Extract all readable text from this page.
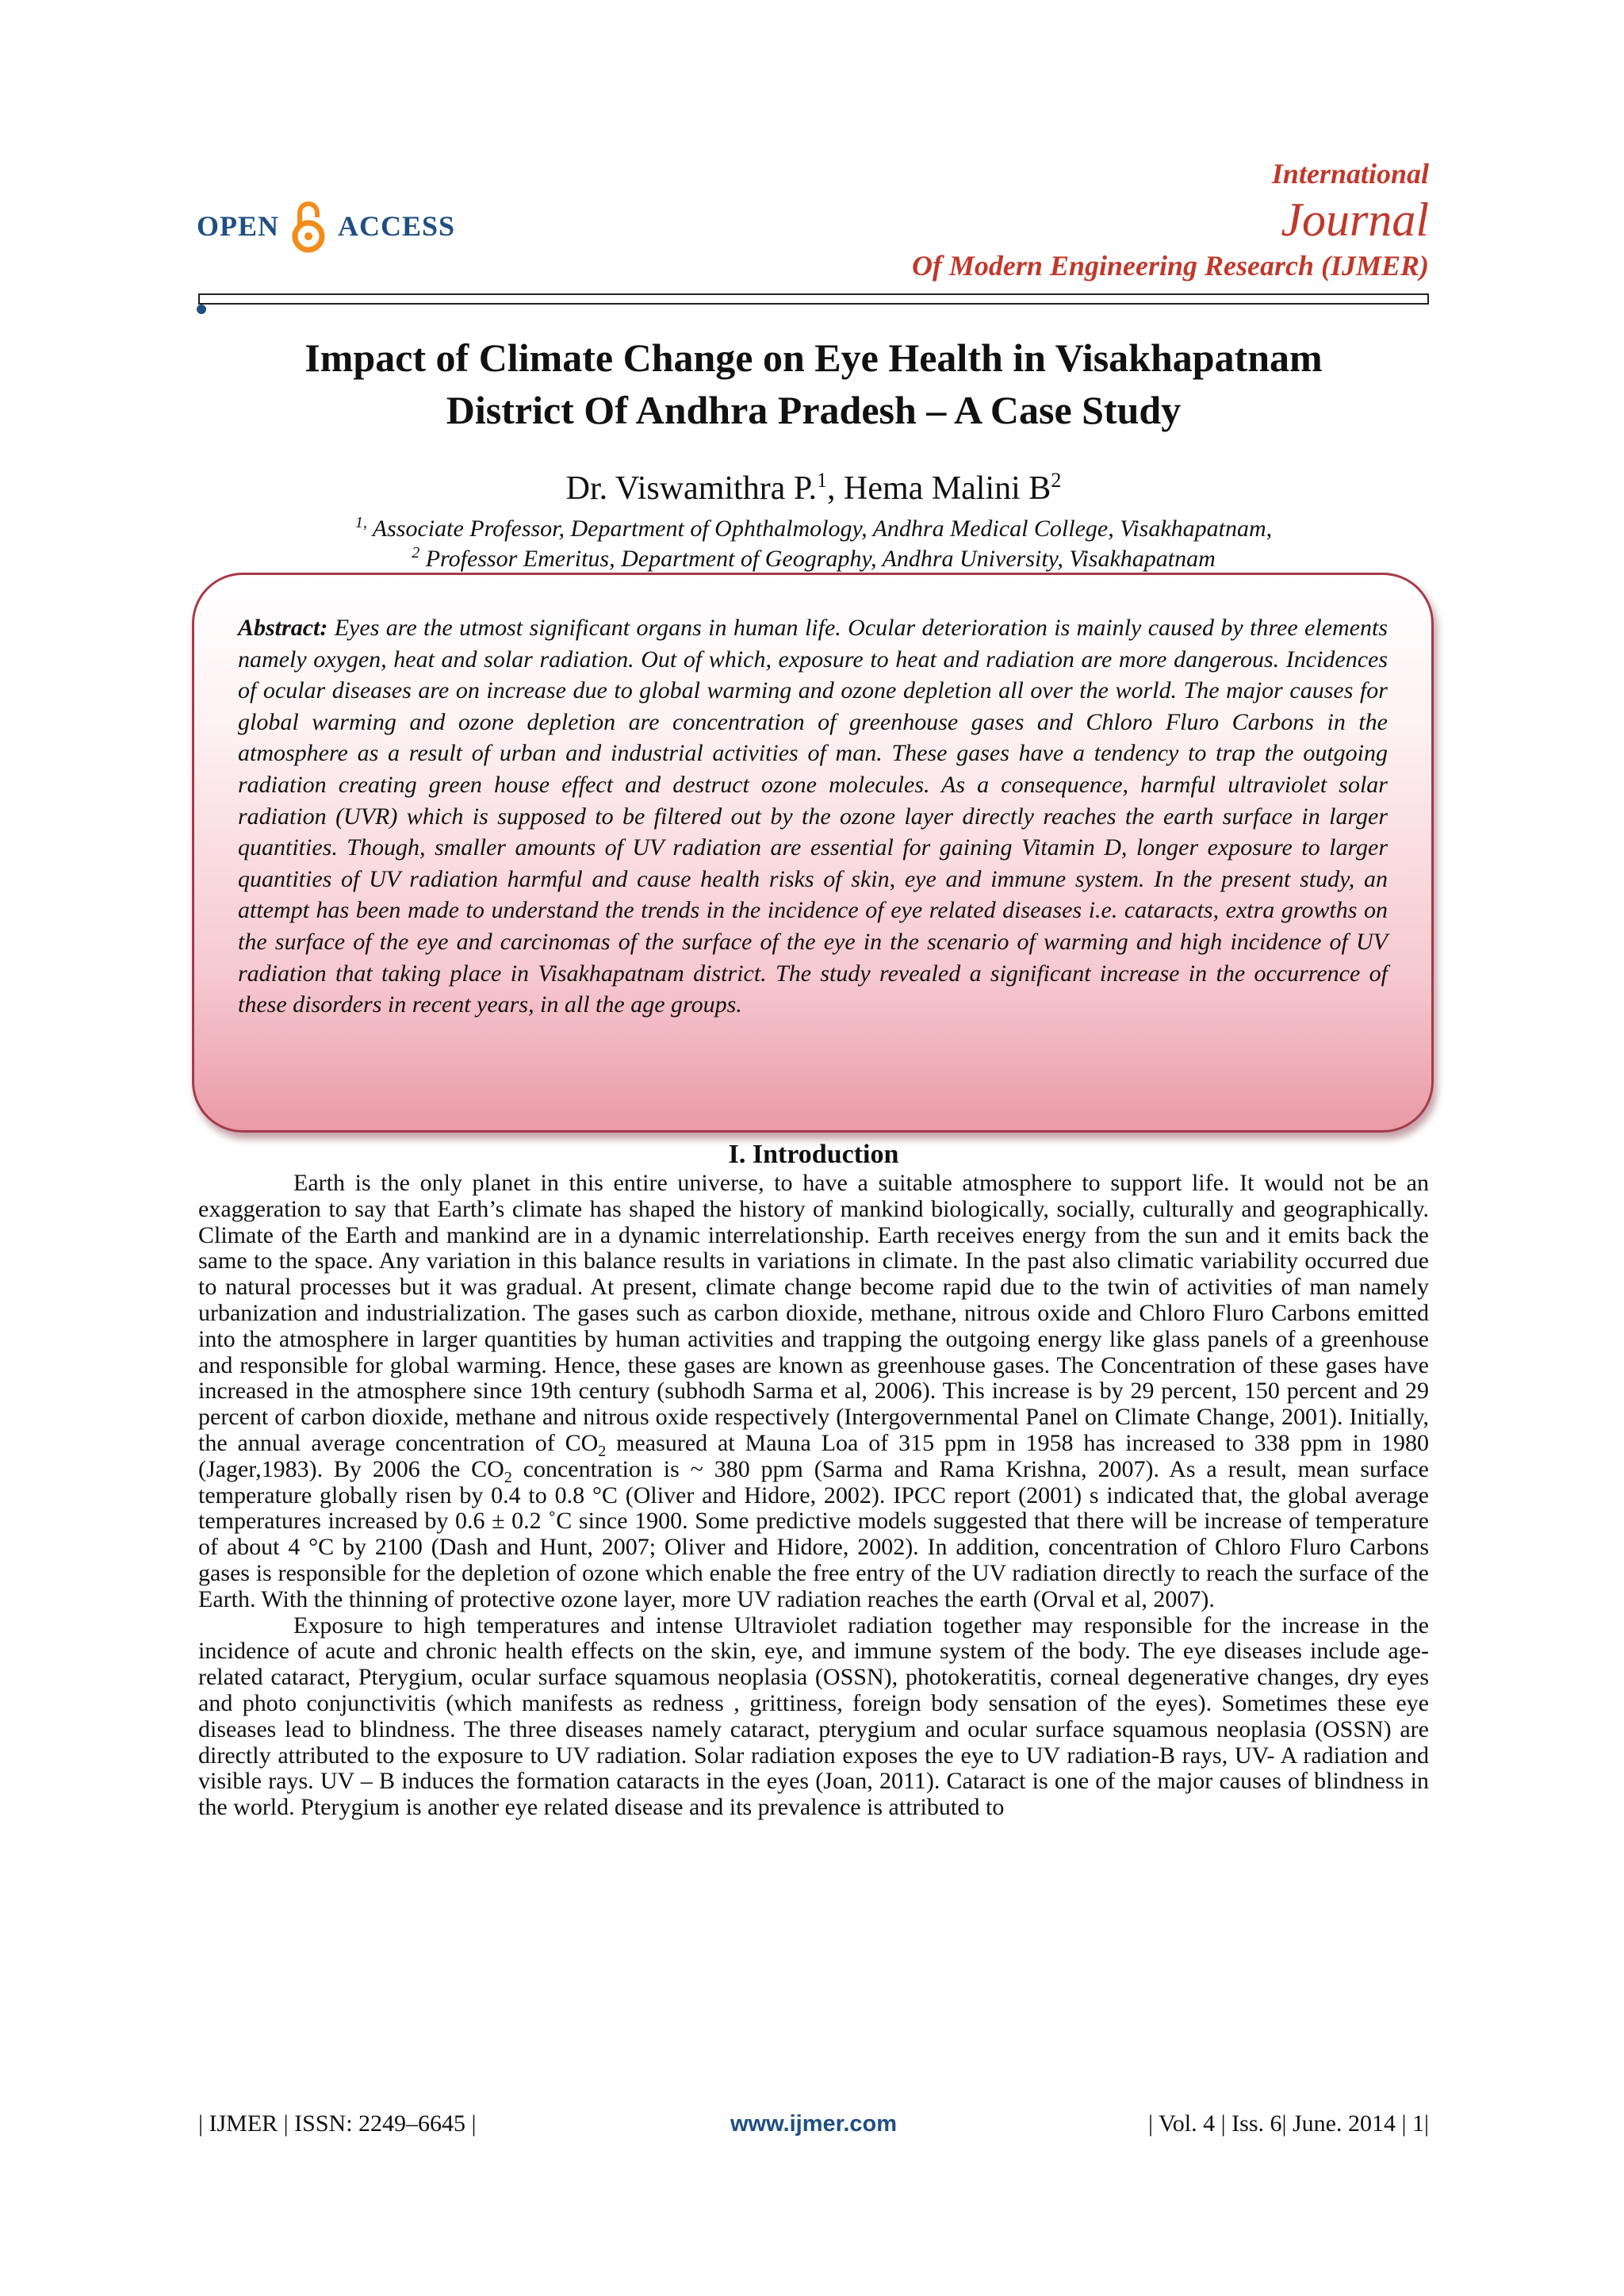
OPEN ACCESS
International
Journal
Of Modern Engineering Research (IJMER)
Impact of Climate Change on Eye Health in Visakhapatnam
District Of Andhra Pradesh – A Case Study
Dr. Viswamithra P.$^1$, Hema Malini $B^2$
$^{1,}$ Associate Professor, Department of Ophthalmology, Andhra Medical College, Visakhapatnam,
$^2$ Professor Emeritus, Department of Geography, Andhra University, Visakhapatnam
Abstract: Eyes are the utmost significant organs in human life. Ocular deterioration is mainly caused by three elements namely oxygen, heat and solar radiation. Out of which, exposure to heat and radiation are more dangerous. Incidences of ocular diseases are on increase due to global warming and ozone depletion all over the world. The major causes for global warming and ozone depletion are concentration of greenhouse gases and Chloro Fluro Carbons in the atmosphere as a result of urban and industrial activities of man. These gases have a tendency to trap the outgoing radiation creating green house effect and destruct ozone molecules. As a consequence, harmful ultraviolet solar radiation (UVR) which is supposed to be filtered out by the ozone layer directly reaches the earth surface in larger quantities. Though, smaller amounts of UV radiation are essential for gaining Vitamin D, longer exposure to larger quantities of UV radiation harmful and cause health risks of skin, eye and immune system. In the present study, an attempt has been made to understand the trends in the incidence of eye related diseases i.e. cataracts, extra growths on the surface of the eye and carcinomas of the surface of the eye in the scenario of warming and high incidence of UV radiation that taking place in Visakhapatnam district. The study revealed a significant increase in the occurrence of these disorders in recent years, in all the age groups.
I. Introduction

Earth is the only planet in this entire universe, to have a suitable atmosphere to support life. It would not be an exaggeration to say that Earth’s climate has shaped the history of mankind biologically, socially, culturally and geographically. Climate of the Earth and mankind are in a dynamic interrelationship. Earth receives energy from the sun and it emits back the same to the space. Any variation in this balance results in variations in climate. In the past also climatic variability occurred due to natural processes but it was gradual. At present, climate change become rapid due to the twin of activities of man namely urbanization and industrialization. The gases such as carbon dioxide, methane, nitrous oxide and Chloro Fluro Carbons emitted into the atmosphere in larger quantities by human activities and trapping the outgoing energy like glass panels of a greenhouse and responsible for global warming. Hence, these gases are known as greenhouse gases. The Concentration of these gases have increased in the atmosphere since 19th century (subhodh Sarma et al, 2006). This increase is by 29 percent, 150 percent and 29 percent of carbon dioxide, methane and nitrous oxide respectively (Intergovernmental Panel on Climate Change, 2001). Initially, the annual average concentration of $CO_2$ measured at Mauna Loa of 315 ppm in 1958 has increased to 338 ppm in 1980 (Jager,1983). By 2006 the $CO_2$ concentration is ~ 380 ppm (Sarma and Rama Krishna, 2007). As a result, mean surface temperature globally risen by 0.4 to 0.8 °C (Oliver and Hidore, 2002). IPCC report (2001) s indicated that, the global average temperatures increased by 0.6 ± 0.2 ˚C since 1900. Some predictive models suggested that there will be increase of temperature of about 4 °C by 2100 (Dash and Hunt, 2007; Oliver and Hidore, 2002). In addition, concentration of Chloro Fluro Carbons gases is responsible for the depletion of ozone which enable the free entry of the UV radiation directly to reach the surface of the Earth. With the thinning of protective ozone layer, more UV radiation reaches the earth (Orval et al, 2007).

Exposure to high temperatures and intense Ultraviolet radiation together may responsible for the increase in the incidence of acute and chronic health effects on the skin, eye, and immune system of the body. The eye diseases include age-related cataract, Pterygium, ocular surface squamous neoplasia (OSSN), photokeratitis, corneal degenerative changes, dry eyes and photo conjunctivitis (which manifests as redness , grittiness, foreign body sensation of the eyes). Sometimes these eye diseases lead to blindness. The three diseases namely cataract, pterygium and ocular surface squamous neoplasia (OSSN) are directly attributed to the exposure to UV radiation. Solar radiation exposes the eye to UV radiation-B rays, UV- A radiation and visible rays. UV – B induces the formation cataracts in the eyes (Joan, 2011). Cataract is one of the major causes of blindness in the world. Pterygium is another eye related disease and its prevalence is attributed to

| IJMER | ISSN: 2249–6645 |	www.ijmer.com	| Vol. 4 | Iss. 6| June. 2014 | 1|
